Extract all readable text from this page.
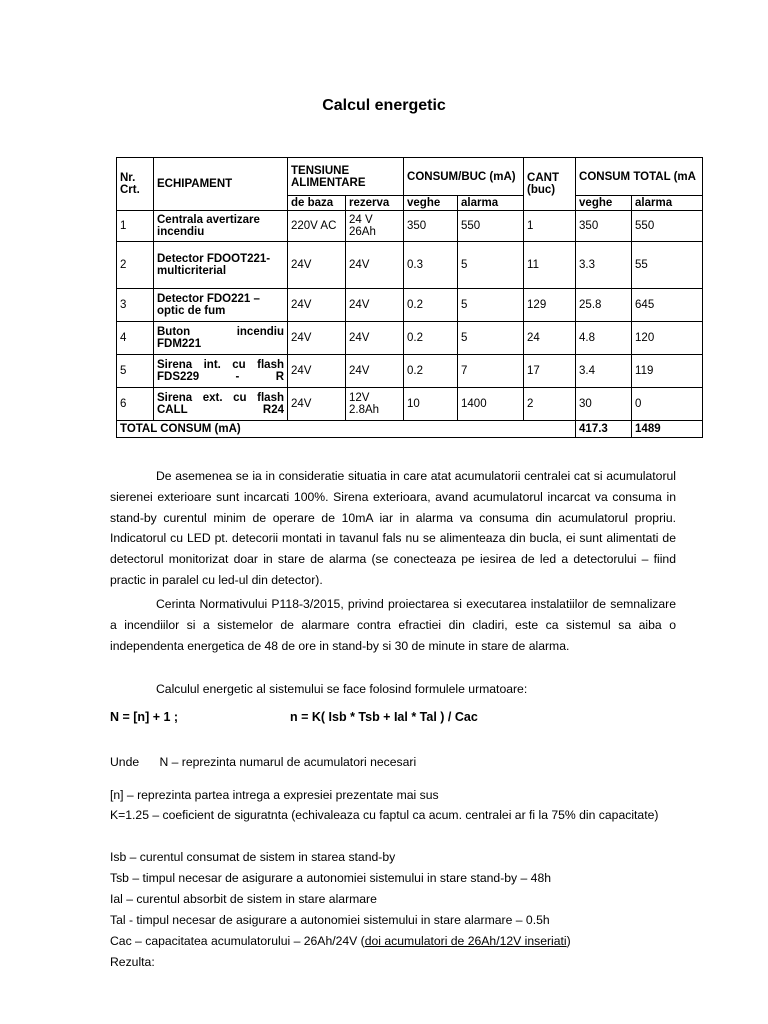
Calcul energetic
Nr. Crt.	ECHIPAMENT	TENSIUNE ALIMENTARE		CONSUM/BUC (mA)		CANT (buc)	CONSUM TOTAL (mA	
		de baza	rezerva	veghe	alarma		veghe	alarma
1	Centrala avertizare incendiu	220V AC	24 V 26Ah	350	550	1	350	550
2	Detector FDOOT221-multicriterial	24V	24V	0.3	5	11	3.3	55
3	Detector FDO221 – optic de fum	24V	24V	0.2	5	129	25.8	645
4	Buton incendiu FDM221	24V	24V	0.2	5	24	4.8	120
5	Sirena int. cu flash FDS229 - R	24V	24V	0.2	7	17	3.4	119
6	Sirena ext. cu flash CALL R24	24V	12V 2.8Ah	10	1400	2	30	0
TOTAL CONSUM (mA)							417.3	1489

De asemenea se ia in consideratie situatia in care atat acumulatorii centralei cat si acumulatorul sierenei exterioare sunt incarcati 100%. Sirena exterioara, avand acumulatorul incarcat va consuma in stand-by curentul minim de operare de 10mA iar in alarma va consuma din acumulatorul propriu. Indicatorul cu LED pt. detecorii montati in tavanul fals nu se alimenteaza din bucla, ei sunt alimentati de detectorul monitorizat doar in stare de alarma (se conecteaza pe iesirea de led a detectorului – fiind practic in paralel cu led-ul din detector).

Cerinta Normativului P118-3/2015, privind proiectarea si executarea instalatiilor de semnalizare a incendiilor si a sistemelor de alarmare contra efractiei din cladiri, este ca sistemul sa aiba o independenta energetica de 48 de ore in stand-by si 30 de minute in stare de alarma.

Calculul energetic al sistemului se face folosind formulele urmatoare:

N = [n] + 1 ;	n = K( Isb * Tsb + Ial * Tal ) / Cac

Unde      N – reprezinta numarul de acumulatori necesari

[n] – reprezinta partea intrega a expresiei prezentate mai sus

K=1.25 – coeficient de siguratnta (echivaleaza cu faptul ca acum. centralei ar fi la 75% din capacitate)

Isb – curentul consumat de sistem in starea stand-by

Tsb – timpul necesar de asigurare a autonomiei sistemului in stare stand-by – 48h

Ial – curentul absorbit de sistem in stare alarmare

Tal - timpul necesar de asigurare a autonomiei sistemului in stare alarmare – 0.5h

Cac – capacitatea acumulatorului – 26Ah/24V (doi acumulatori de 26Ah/12V inseriati)

Rezulta:
